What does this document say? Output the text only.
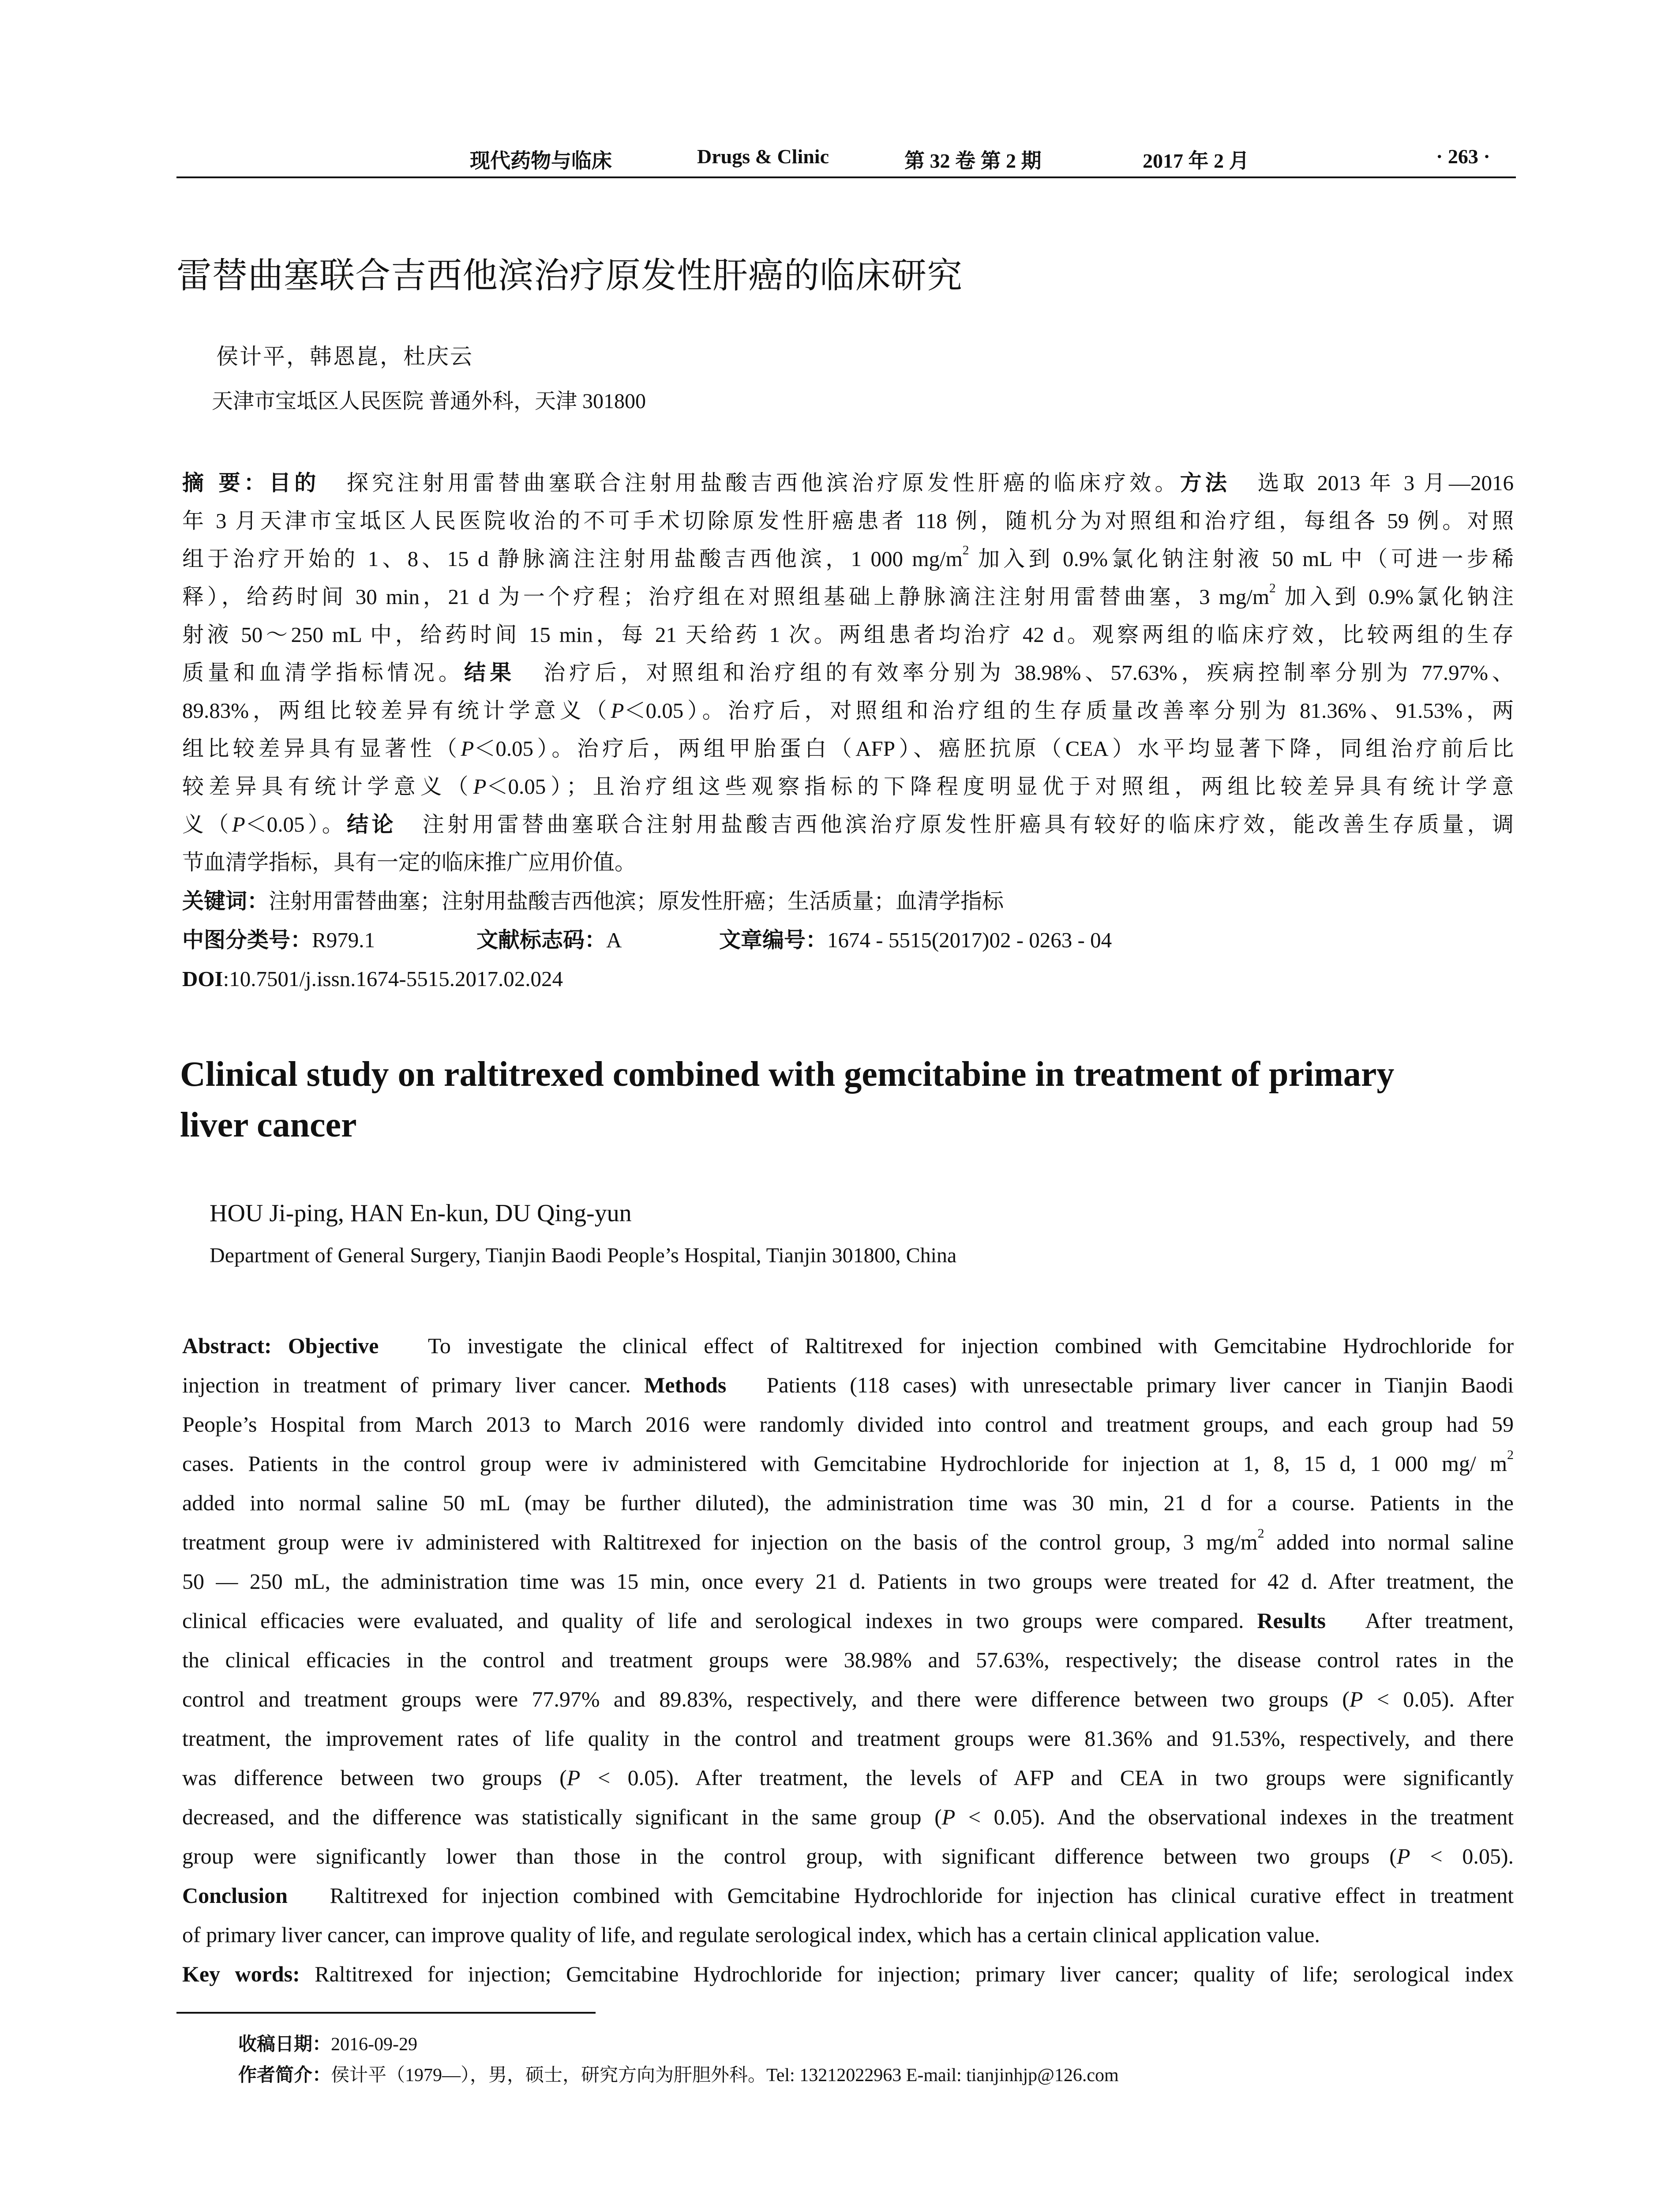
现代药物与临床	Drugs & Clinic	第 32 卷 第 2 期	2017 年 2 月	· 263 ·
雷替曲塞联合吉西他滨治疗原发性肝癌的临床研究
侯计平，韩恩崑，杜庆云
天津市宝坻区人民医院 普通外科，天津 301800
摘 要：目的 探究注射用雷替曲塞联合注射用盐酸吉西他滨治疗原发性肝癌的临床疗效。方法 选取 2013 年 3 月—2016
年 3 月天津市宝坻区人民医院收治的不可手术切除原发性肝癌患者 118 例，随机分为对照组和治疗组，每组各 59 例。对照
组于治疗开始的 1、8、15 d 静脉滴注注射用盐酸吉西他滨，1 000 $mg/m^2$ 加入到 0.9%氯化钠注射液 50 mL 中（可进一步稀
释），给药时间 30 min，21 d 为一个疗程；治疗组在对照组基础上静脉滴注注射用雷替曲塞，3 $mg/m^2$ 加入到 0.9%氯化钠注
射液 50～250 mL 中，给药时间 15 min，每 21 天给药 1 次。两组患者均治疗 42 d。观察两组的临床疗效，比较两组的生存
质量和血清学指标情况。结果 治疗后，对照组和治疗组的有效率分别为 38.98%、57.63%，疾病控制率分别为 77.97%、
89.83%，两组比较差异有统计学意义（P＜0.05）。治疗后，对照组和治疗组的生存质量改善率分别为 81.36%、91.53%，两
组比较差异具有显著性（P＜0.05）。治疗后，两组甲胎蛋白（AFP）、癌胚抗原（CEA）水平均显著下降，同组治疗前后比
较差异具有统计学意义（P＜0.05）；且治疗组这些观察指标的下降程度明显优于对照组，两组比较差异具有统计学意
义（P＜0.05）。结论 注射用雷替曲塞联合注射用盐酸吉西他滨治疗原发性肝癌具有较好的临床疗效，能改善生存质量，调
节血清学指标，具有一定的临床推广应用价值。
关键词：注射用雷替曲塞；注射用盐酸吉西他滨；原发性肝癌；生活质量；血清学指标
中图分类号：R979.1	文献标志码：A	文章编号：1674 - 5515(2017)02 - 0263 - 04
DOI:10.7501/j.issn.1674-5515.2017.02.024
Clinical study on raltitrexed combined with gemcitabine in treatment of primary
liver cancer
HOU Ji-ping, HAN En-kun, DU Qing-yun
Department of General Surgery, Tianjin Baodi People’s Hospital, Tianjin 301800, China
Abstract: Objective To investigate the clinical effect of Raltitrexed for injection combined with Gemcitabine Hydrochloride for
injection in treatment of primary liver cancer. Methods Patients (118 cases) with unresectable primary liver cancer in Tianjin Baodi
People’s Hospital from March 2013 to March 2016 were randomly divided into control and treatment groups, and each group had 59
cases. Patients in the control group were iv administered with Gemcitabine Hydrochloride for injection at 1, 8, 15 d, 1 000 mg/ $m^2$
added into normal saline 50 mL (may be further diluted), the administration time was 30 min, 21 d for a course. Patients in the
treatment group were iv administered with Raltitrexed for injection on the basis of the control group, 3 $mg/m^2$ added into normal saline
50 — 250 mL, the administration time was 15 min, once every 21 d. Patients in two groups were treated for 42 d. After treatment, the
clinical efficacies were evaluated, and quality of life and serological indexes in two groups were compared. Results After treatment,
the clinical efficacies in the control and treatment groups were 38.98% and 57.63%, respectively; the disease control rates in the
control and treatment groups were 77.97% and 89.83%, respectively, and there were difference between two groups (P < 0.05). After
treatment, the improvement rates of life quality in the control and treatment groups were 81.36% and 91.53%, respectively, and there
was difference between two groups (P < 0.05). After treatment, the levels of AFP and CEA in two groups were significantly
decreased, and the difference was statistically significant in the same group (P < 0.05). And the observational indexes in the treatment
group were significantly lower than those in the control group, with significant difference between two groups (P < 0.05).
Conclusion Raltitrexed for injection combined with Gemcitabine Hydrochloride for injection has clinical curative effect in treatment
of primary liver cancer, can improve quality of life, and regulate serological index, which has a certain clinical application value.
Key words: Raltitrexed for injection; Gemcitabine Hydrochloride for injection; primary liver cancer; quality of life; serological index
收稿日期：2016-09-29
作者简介：侯计平（1979—），男，硕士，研究方向为肝胆外科。Tel: 13212022963 E-mail: tianjinhjp@126.com
